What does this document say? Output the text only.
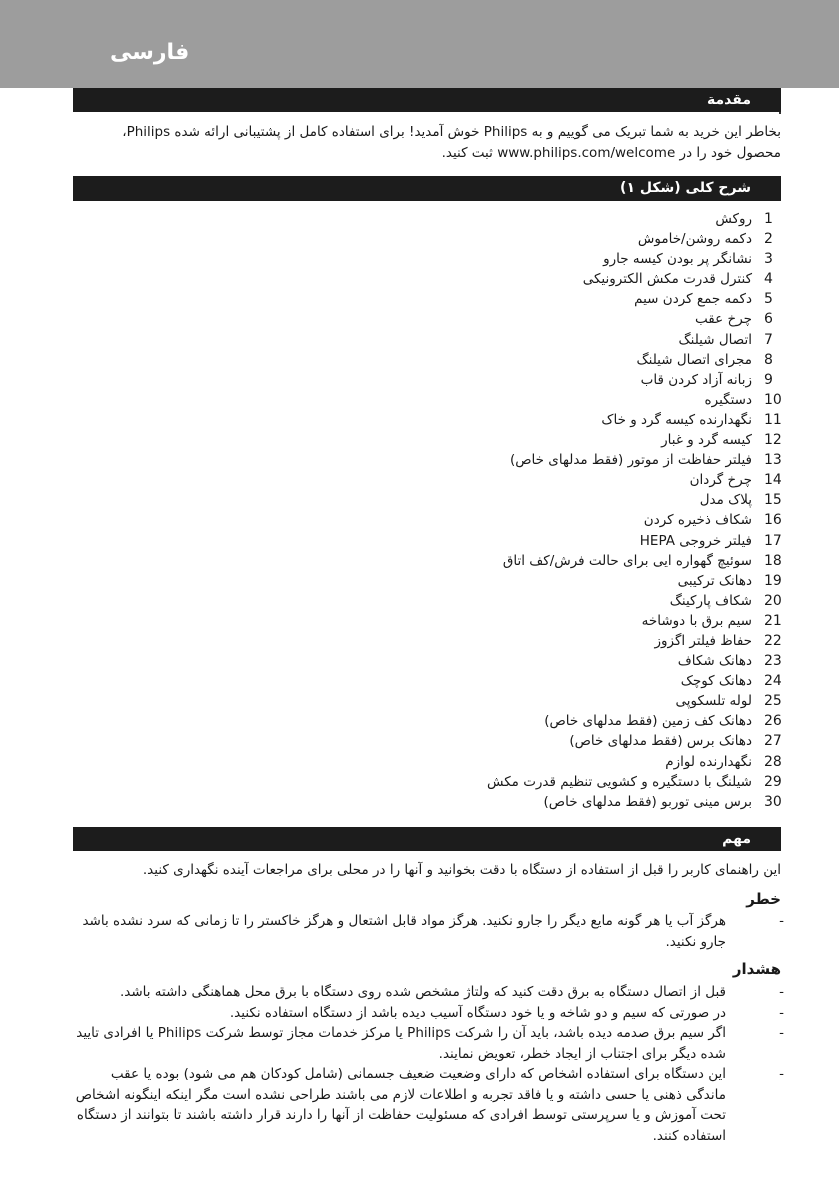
فارسی
مقدمة
بخاطر این خرید به شما تبریک می گوییم و به Philips خوش آمدید! برای استفاده کامل از پشتیبانی ارائه شده Philips، محصول خود را در www.philips.com/welcome ثبت کنید.
شرح کلی (شکل ۱)
1
روکش
2
دکمه روشن/خاموش
3
نشانگر پر بودن کیسه جارو
4
کنترل قدرت مکش الکترونیکی
5
دکمه جمع کردن سیم
6
چرخ عقب
7
اتصال شیلنگ
8
مجرای اتصال شیلنگ
9
زبانه آزاد کردن قاب
10
دستگیره
11
نگهدارنده کیسه گرد و خاک
12
کیسه گرد و غبار
13
فیلتر حفاظت از موتور (فقط مدلهای خاص)
14
چرخ گردان
15
پلاک مدل
16
شکاف ذخیره کردن
17
فیلتر خروجی HEPA
18
سوئیچ گهواره ایی برای حالت فرش/کف اتاق
19
دهانک ترکیبی
20
شکاف پارکینگ
21
سیم برق با دوشاخه
22
حفاظ فیلتر اگزوز
23
دهانک شکاف
24
دهانک کوچک
25
لوله تلسکوپی
26
دهانک کف زمین (فقط مدلهای خاص)
27
دهانک برس (فقط مدلهای خاص)
28
نگهدارنده لوازم
29
شیلنگ با دستگیره و کشویی تنظیم قدرت مکش
30
برس مینی توربو (فقط مدلهای خاص)
مهم
این راهنمای کاربر را قبل از استفاده از دستگاه با دقت بخوانید و آنها را در محلی برای مراجعات آینده نگهداری کنید.
خطر
-
هرگز آب یا هر گونه مایع دیگر را جارو نکنید. هرگز مواد قابل اشتعال و هرگز خاکستر را تا زمانی که سرد نشده باشد جارو نکنید.
هشدار
-
قبل از اتصال دستگاه به برق دقت کنید که ولتاژ مشخص شده روی دستگاه با برق محل هماهنگی داشته باشد.
-
در صورتی که سیم و دو شاخه و یا خود دستگاه آسیب دیده باشد از دستگاه استفاده نکنید.
-
اگر سیم برق صدمه دیده باشد، باید آن را شرکت Philips یا مرکز خدمات مجاز توسط شرکت Philips یا افرادی تایید شده دیگر برای اجتناب از ایجاد خطر، تعویض نمایند.
-
این دستگاه برای استفاده اشخاص که دارای وضعیت ضعیف جسمانی (شامل کودکان هم می شود) بوده یا عقب ماندگی ذهنی یا حسی داشته و یا فاقد تجربه و اطلاعات لازم می باشند طراحی نشده است مگر اینکه اینگونه اشخاص تحت آموزش و یا سرپرستی توسط افرادی که مسئولیت حفاظت از آنها را دارند قرار داشته باشند تا بتوانند از دستگاه استفاده کنند.
